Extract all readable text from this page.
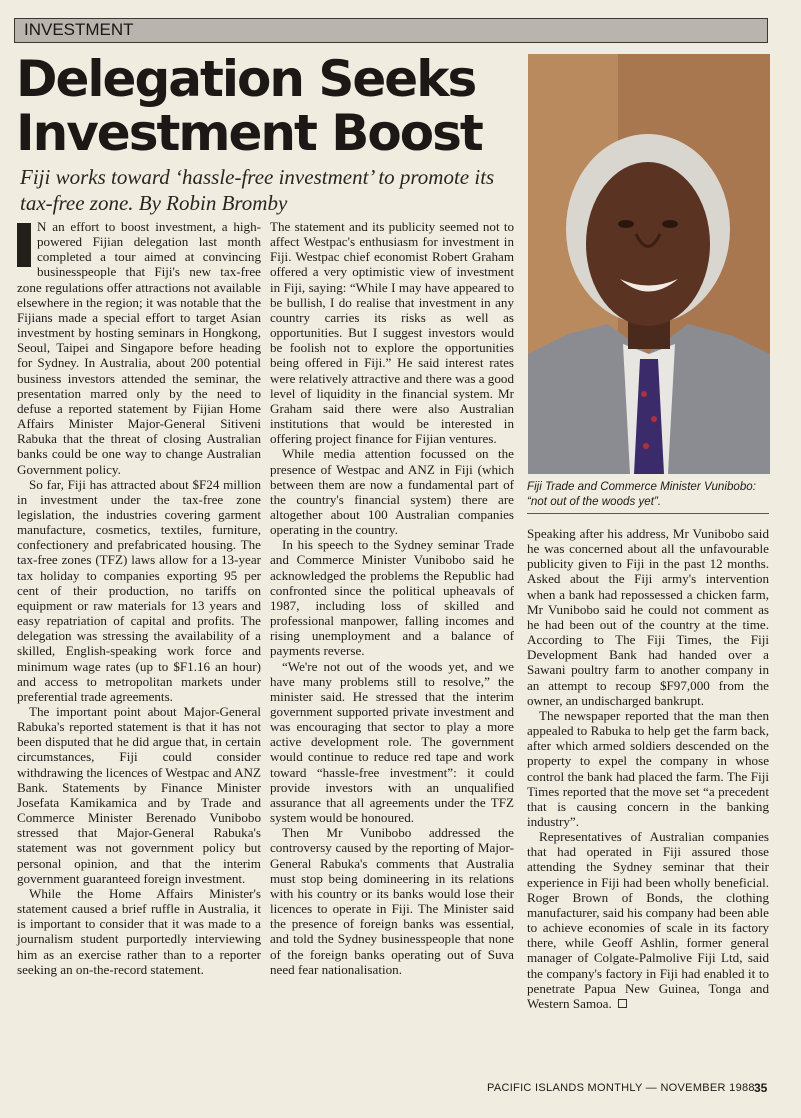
INVESTMENT
Delegation Seeks Investment Boost

Fiji works toward ‘hassle-free investment’ to promote its tax-free zone. By Robin Bromby

N an effort to boost investment, a high-powered Fijian delegation last month completed a tour aimed at convincing businesspeople that Fiji's new tax-free zone regulations offer attractions not available elsewhere in the region; it was notable that the Fijians made a special effort to target Asian investment by hosting seminars in Hongkong, Seoul, Taipei and Singapore before heading for Sydney. In Australia, about 200 potential business investors attended the seminar, the presentation marred only by the need to defuse a reported statement by Fijian Home Affairs Minister Major-General Sitiveni Rabuka that the threat of closing Australian banks could be one way to change Australian Government policy.

So far, Fiji has attracted about $F24 million in investment under the tax-free zone legislation, the industries covering garment manufacture, cosmetics, textiles, furniture, confectionery and prefabricated housing. The tax-free zones (TFZ) laws allow for a 13-year tax holiday to companies exporting 95 per cent of their production, no tariffs on equipment or raw materials for 13 years and easy repatriation of capital and profits. The delegation was stressing the availability of a skilled, English-speaking work force and minimum wage rates (up to $F1.16 an hour) and access to metropolitan markets under preferential trade agreements.

The important point about Major-General Rabuka's reported statement is that it has not been disputed that he did argue that, in certain circumstances, Fiji could consider withdrawing the licences of Westpac and ANZ Bank. Statements by Finance Minister Josefata Kamikamica and by Trade and Commerce Minister Berenado Vunibobo stressed that Major-General Rabuka's statement was not government policy but personal opinion, and that the interim government guaranteed foreign investment.

While the Home Affairs Minister's statement caused a brief ruffle in Australia, it is important to consider that it was made to a journalism student purportedly interviewing him as an exercise rather than to a reporter seeking an on-the-record statement.

The statement and its publicity seemed not to affect Westpac's enthusiasm for investment in Fiji. Westpac chief economist Robert Graham offered a very optimistic view of investment in Fiji, saying: “While I may have appeared to be bullish, I do realise that investment in any country carries its risks as well as opportunities. But I suggest investors would be foolish not to explore the opportunities being offered in Fiji.” He said interest rates were relatively attractive and there was a good level of liquidity in the financial system. Mr Graham said there were also Australian institutions that would be interested in offering project finance for Fijian ventures.

While media attention focussed on the presence of Westpac and ANZ in Fiji (which between them are now a fundamental part of the country's financial system) there are altogether about 100 Australian companies operating in the country.

In his speech to the Sydney seminar Trade and Commerce Minister Vunibobo said he acknowledged the problems the Republic had confronted since the political upheavals of 1987, including loss of skilled and professional manpower, falling incomes and rising unemployment and a balance of payments reverse.

“We're not out of the woods yet, and we have many problems still to resolve,” the minister said. He stressed that the interim government supported private investment and was encouraging that sector to play a more active development role. The government would continue to reduce red tape and work toward “hassle-free investment”: it could provide investors with an unqualified assurance that all agreements under the TFZ system would be honoured.

Then Mr Vunibobo addressed the controversy caused by the reporting of Major-General Rabuka's comments that Australia must stop being domineering in its relations with his country or its banks would lose their licences to operate in Fiji. The Minister said the presence of foreign banks was essential, and told the Sydney businesspeople that none of the foreign banks operating out of Suva need fear nationalisation.

Fiji Trade and Commerce Minister Vunibobo: “not out of the woods yet”.

Speaking after his address, Mr Vunibobo said he was concerned about all the unfavourable publicity given to Fiji in the past 12 months. Asked about the Fiji army's intervention when a bank had repossessed a chicken farm, Mr Vunibobo said he could not comment as he had been out of the country at the time. According to The Fiji Times, the Fiji Development Bank had handed over a Sawani poultry farm to another company in an attempt to recoup $F97,000 from the owner, an undischarged bankrupt.

The newspaper reported that the man then appealed to Rabuka to help get the farm back, after which armed soldiers descended on the property to expel the company in whose control the bank had placed the farm. The Fiji Times reported that the move set “a precedent that is causing concern in the banking industry”.

Representatives of Australian companies that had operated in Fiji assured those attending the Sydney seminar that their experience in Fiji had been wholly beneficial. Roger Brown of Bonds, the clothing manufacturer, said his company had been able to achieve economies of scale in its factory there, while Geoff Ashlin, former general manager of Colgate-Palmolive Fiji Ltd, said the company's factory in Fiji had enabled it to penetrate Papua New Guinea, Tonga and Western Samoa.

PACIFIC ISLANDS MONTHLY — NOVEMBER 1988 35
